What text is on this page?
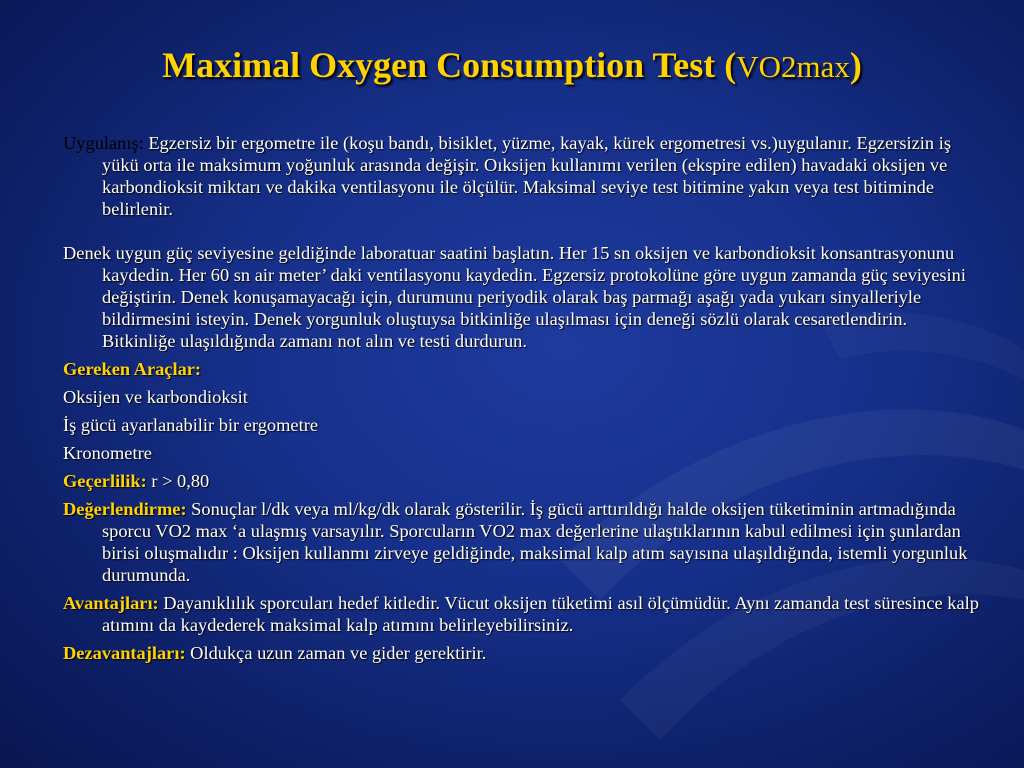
Maximal Oxygen Consumption Test (VO2max)

Uygulanış: Egzersiz bir ergometre ile (koşu bandı, bisiklet, yüzme, kayak, kürek ergometresi vs.)uygulanır. Egzersizin iş yükü orta ile maksimum yoğunluk arasında değişir. Oıksijen kullanımı verilen (ekspire edilen) havadaki oksijen ve karbondioksit miktarı ve dakika ventilasyonu ile ölçülür. Maksimal seviye test bitimine yakın veya test bitiminde belirlenir.

Denek uygun güç seviyesine geldiğinde laboratuar saatini başlatın. Her 15 sn oksijen ve karbondioksit konsantrasyonunu kaydedin. Her 60 sn air meter’ daki ventilasyonu kaydedin. Egzersiz protokolüne göre uygun zamanda güç seviyesini değiştirin. Denek konuşamayacağı için, durumunu periyodik olarak baş parmağı aşağı yada yukarı sinyalleriyle bildirmesini isteyin. Denek yorgunluk oluştuysa bitkinliğe ulaşılması için deneği sözlü olarak cesaretlendirin. Bitkinliğe ulaşıldığında zamanı not alın ve testi durdurun.

Gereken Araçlar:

Oksijen ve karbondioksit

İş gücü ayarlanabilir bir ergometre

Kronometre

Geçerlilik: r > 0,80

Değerlendirme: Sonuçlar l/dk veya ml/kg/dk olarak gösterilir. İş gücü arttırıldığı halde oksijen tüketiminin artmadığında sporcu VO2 max ‘a ulaşmış varsayılır. Sporcuların VO2 max değerlerine ulaştıklarının kabul edilmesi için şunlardan birisi oluşmalıdır : Oksijen kullanmı zirveye geldiğinde, maksimal kalp atım sayısına ulaşıldığında, istemli yorgunluk durumunda.

Avantajları: Dayanıklılık sporcuları hedef kitledir. Vücut oksijen tüketimi asıl ölçümüdür. Aynı zamanda test süresince kalp atımını da kaydederek maksimal kalp atımını belirleyebilirsiniz.

Dezavantajları: Oldukça uzun zaman ve gider gerektirir.
